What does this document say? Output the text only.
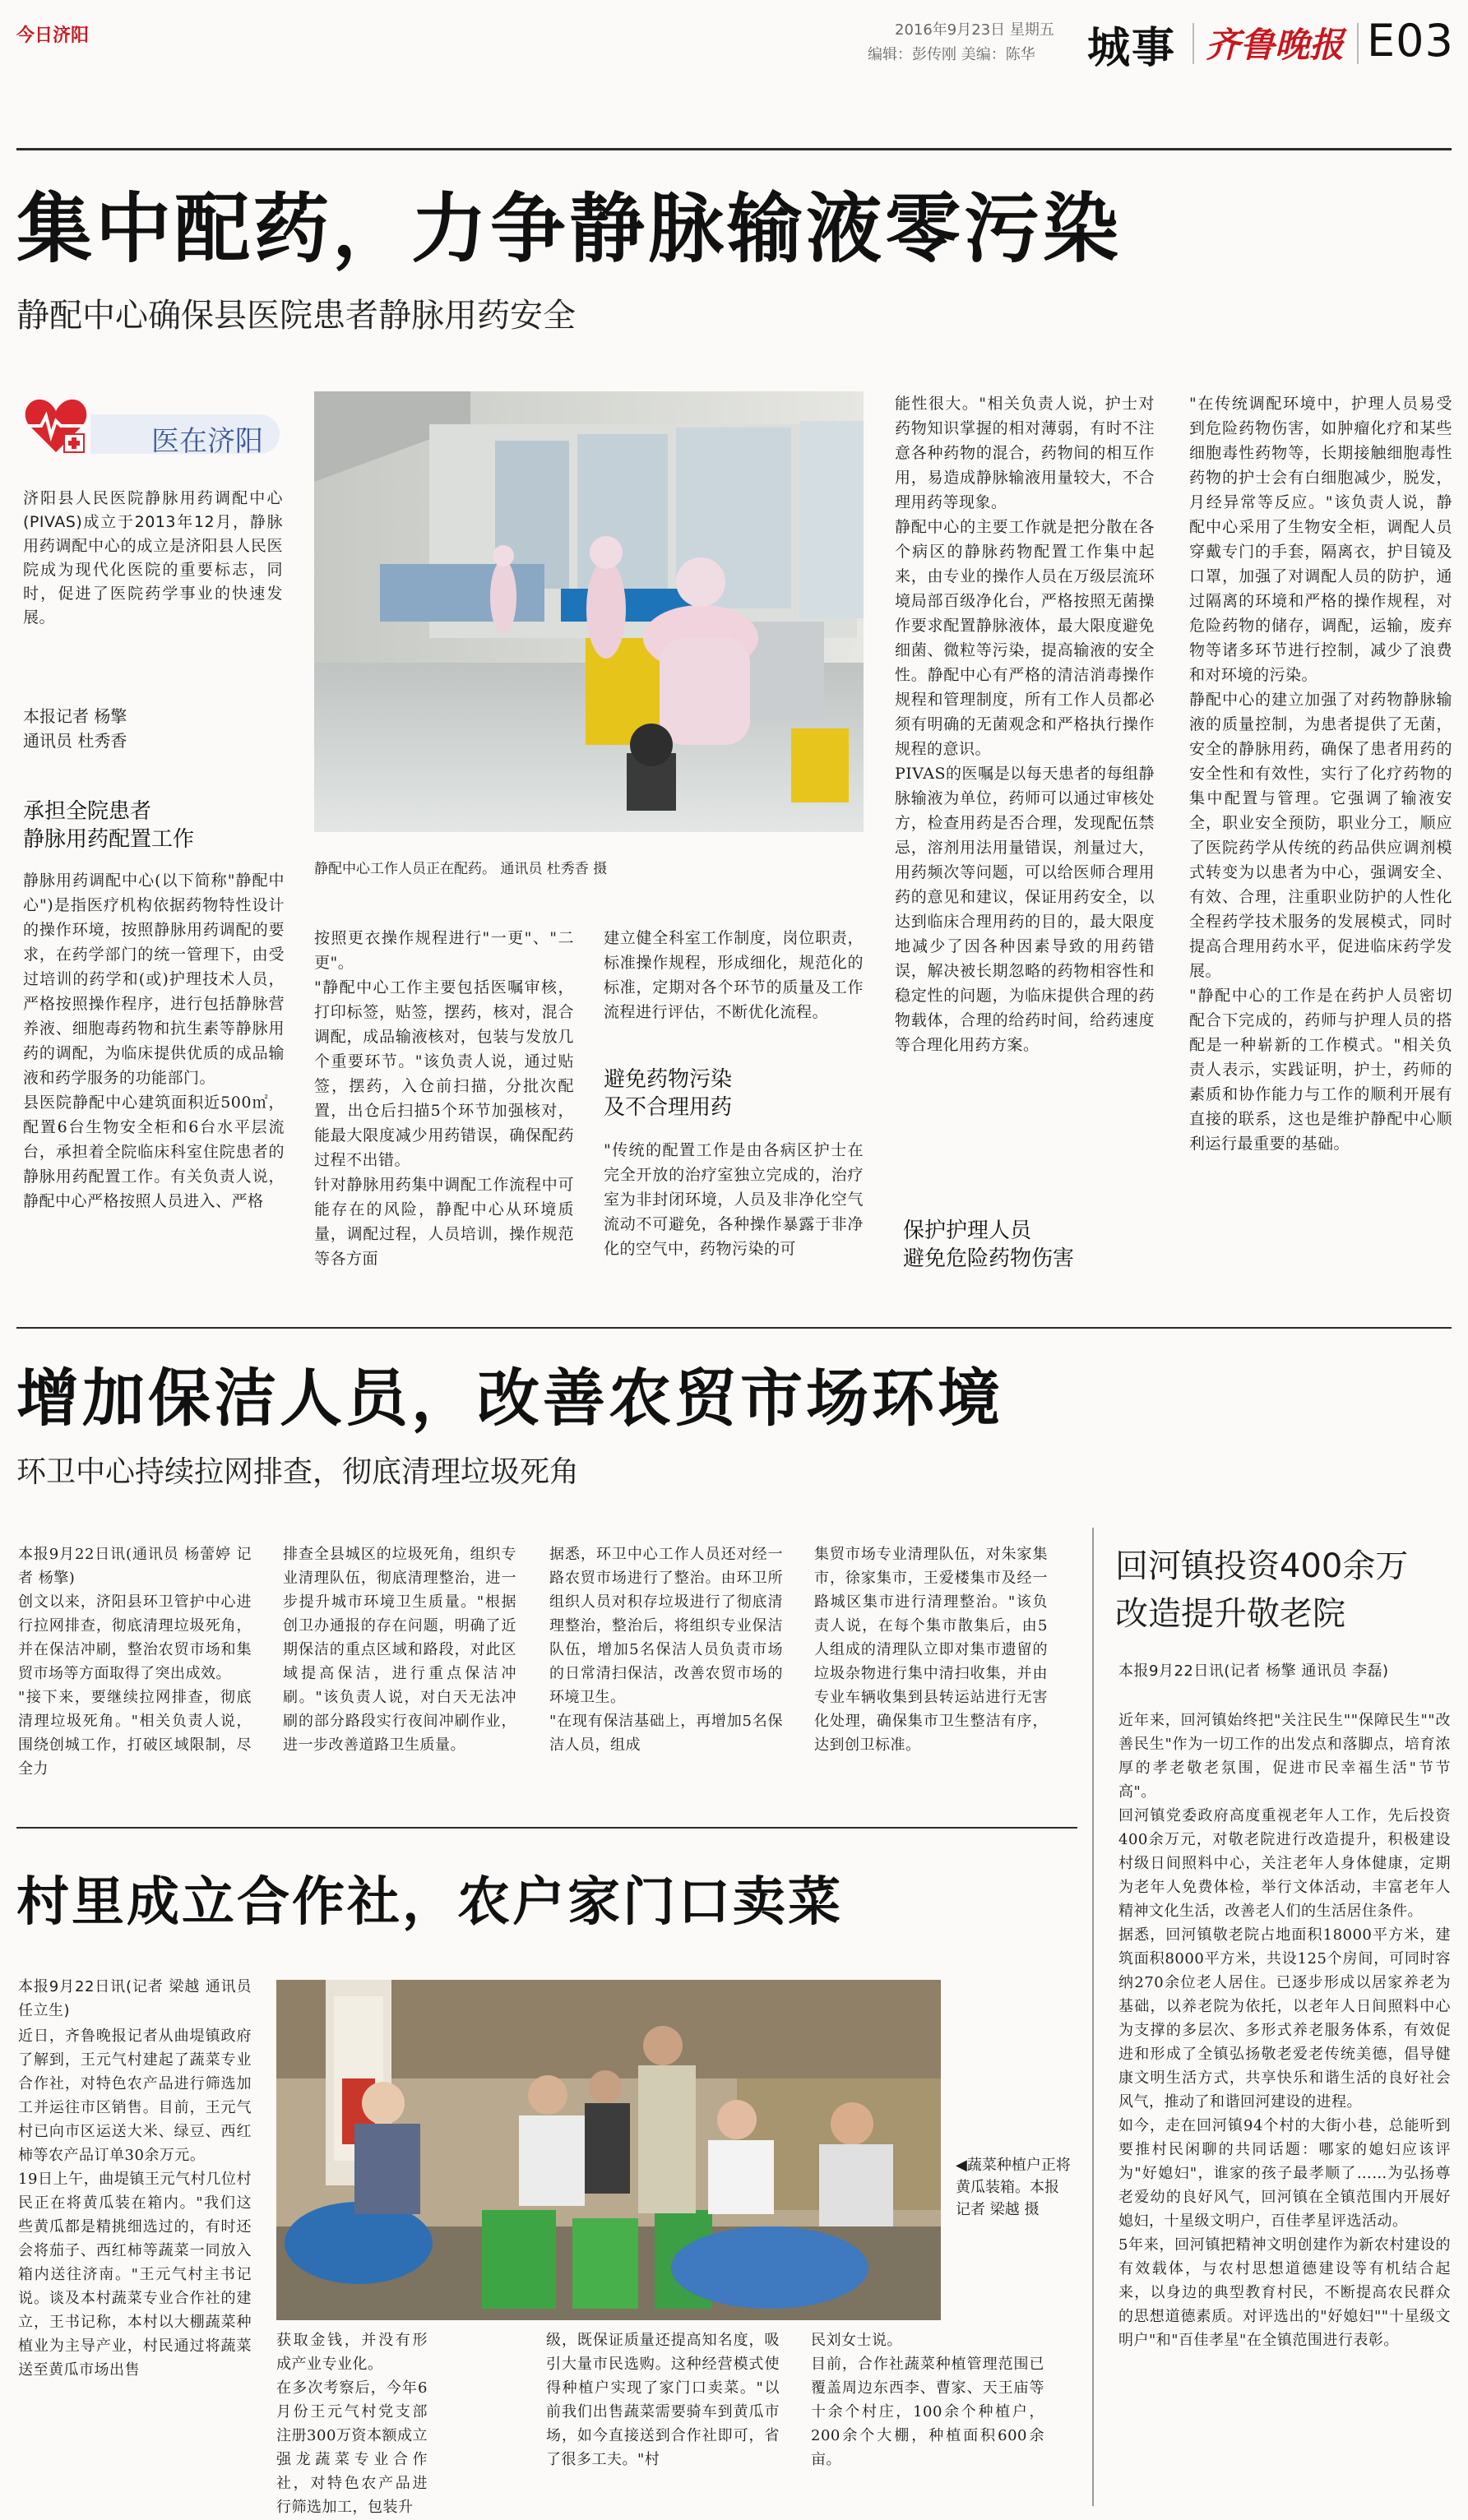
今日济阳	2016年9月23日 星期五
编辑：彭传刚 美编：陈华 城事 齐鲁晚报 E03
集中配药，力争静脉输液零污染
静配中心确保县医院患者静脉用药安全
医在济阳
济阳县人民医院静脉用药调配中心(PIVAS)成立于2013年12月，静脉用药调配中心的成立是济阳县人民医院成为现代化医院的重要标志，同时，促进了医院药学事业的快速发展。
本报记者 杨擎
通讯员 杜秀香
承担全院患者
静脉用药配置工作
静配中心工作人员正在配药。 通讯员 杜秀香 摄
静脉用药调配中心(以下简称"静配中心")是指医疗机构依据药物特性设计的操作环境，按照静脉用药调配的要求，在药学部门的统一管理下，由受过培训的药学和(或)护理技术人员，严格按照操作程序，进行包括静脉营养液、细胞毒药物和抗生素等静脉用药的调配，为临床提供优质的成品输液和药学服务的功能部门。
县医院静配中心建筑面积近500㎡，配置6台生物安全柜和6台水平层流台，承担着全院临床科室住院患者的静脉用药配置工作。有关负责人说，静配中心严格按照人员进入、严格
按照更衣操作规程进行"一更"、"二更"。
"静配中心工作主要包括医嘱审核，打印标签，贴签，摆药，核对，混合调配，成品输液核对，包装与发放几个重要环节。"该负责人说，通过贴签，摆药，入仓前扫描，分批次配置，出仓后扫描5个环节加强核对，能最大限度减少用药错误，确保配药过程不出错。
针对静脉用药集中调配工作流程中可能存在的风险，静配中心从环境质量，调配过程，人员培训，操作规范等各方面
建立健全科室工作制度，岗位职责，标准操作规程，形成细化，规范化的标准，定期对各个环节的质量及工作流程进行评估，不断优化流程。
避免药物污染
及不合理用药
"传统的配置工作是由各病区护士在完全开放的治疗室独立完成的，治疗室为非封闭环境，人员及非净化空气流动不可避免，各种操作暴露于非净化的空气中，药物污染的可
能性很大。"相关负责人说，护士对药物知识掌握的相对薄弱，有时不注意各种药物的混合，药物间的相互作用，易造成静脉输液用量较大，不合理用药等现象。
静配中心的主要工作就是把分散在各个病区的静脉药物配置工作集中起来，由专业的操作人员在万级层流环境局部百级净化台，严格按照无菌操作要求配置静脉液体，最大限度避免细菌、微粒等污染，提高输液的安全性。静配中心有严格的清洁消毒操作规程和管理制度，所有工作人员都必须有明确的无菌观念和严格执行操作规程的意识。
PIVAS的医嘱是以每天患者的每组静脉输液为单位，药师可以通过审核处方，检查用药是否合理，发现配伍禁忌，溶剂用法用量错误，剂量过大，用药频次等问题，可以给医师合理用药的意见和建议，保证用药安全，以达到临床合理用药的目的，最大限度地减少了因各种因素导致的用药错误，解决被长期忽略的药物相容性和稳定性的问题，为临床提供合理的药物载体，合理的给药时间，给药速度等合理化用药方案。
保护护理人员
避免危险药物伤害
"在传统调配环境中，护理人员易受到危险药物伤害，如肿瘤化疗和某些细胞毒性药物等，长期接触细胞毒性药物的护士会有白细胞减少，脱发，月经异常等反应。"该负责人说，静配中心采用了生物安全柜，调配人员穿戴专门的手套，隔离衣，护目镜及口罩，加强了对调配人员的防护，通过隔离的环境和严格的操作规程，对危险药物的储存，调配，运输，废弃物等诸多环节进行控制，减少了浪费和对环境的污染。
静配中心的建立加强了对药物静脉输液的质量控制，为患者提供了无菌，安全的静脉用药，确保了患者用药的安全性和有效性，实行了化疗药物的集中配置与管理。它强调了输液安全，职业安全预防，职业分工，顺应了医院药学从传统的药品供应调剂模式转变为以患者为中心，强调安全、有效、合理，注重职业防护的人性化全程药学技术服务的发展模式，同时提高合理用药水平，促进临床药学发展。
"静配中心的工作是在药护人员密切配合下完成的，药师与护理人员的搭配是一种崭新的工作模式。"相关负责人表示，实践证明，护士，药师的素质和协作能力与工作的顺利开展有直接的联系，这也是维护静配中心顺利运行最重要的基础。
增加保洁人员，改善农贸市场环境
环卫中心持续拉网排查，彻底清理垃圾死角
本报9月22日讯(通讯员 杨蕾婷 记者 杨擎)
创文以来，济阳县环卫管护中心进行拉网排查，彻底清理垃圾死角，并在保洁冲刷，整治农贸市场和集贸市场等方面取得了突出成效。
"接下来，要继续拉网排查，彻底清理垃圾死角。"相关负责人说，围绕创城工作，打破区域限制，尽全力
排查全县城区的垃圾死角，组织专业清理队伍，彻底清理整治，进一步提升城市环境卫生质量。"根据创卫办通报的存在问题，明确了近期保洁的重点区域和路段，对此区域提高保洁，进行重点保洁冲刷。"该负责人说，对白天无法冲刷的部分路段实行夜间冲刷作业，进一步改善道路卫生质量。
据悉，环卫中心工作人员还对经一路农贸市场进行了整治。由环卫所组织人员对积存垃圾进行了彻底清理整治，整治后，将组织专业保洁队伍，增加5名保洁人员负责市场的日常清扫保洁，改善农贸市场的环境卫生。
"在现有保洁基础上，再增加5名保洁人员，组成
集贸市场专业清理队伍，对朱家集市，徐家集市，王爱楼集市及经一路城区集市进行清理整治。"该负责人说，在每个集市散集后，由5人组成的清理队立即对集市遗留的垃圾杂物进行集中清扫收集，并由专业车辆收集到县转运站进行无害化处理，确保集市卫生整洁有序，达到创卫标准。
回河镇投资400余万
改造提升敬老院
本报9月22日讯(记者 杨擎 通讯员 李磊)
近年来，回河镇始终把"关注民生""保障民生""改善民生"作为一切工作的出发点和落脚点，培育浓厚的孝老敬老氛围，促进市民幸福生活"节节高"。
回河镇党委政府高度重视老年人工作，先后投资400余万元，对敬老院进行改造提升，积极建设村级日间照料中心，关注老年人身体健康，定期为老年人免费体检，举行文体活动，丰富老年人精神文化生活，改善老人们的生活居住条件。
据悉，回河镇敬老院占地面积18000平方米，建筑面积8000平方米，共设125个房间，可同时容纳270余位老人居住。已逐步形成以居家养老为基础，以养老院为依托，以老年人日间照料中心为支撑的多层次、多形式养老服务体系，有效促进和形成了全镇弘扬敬老爱老传统美德，倡导健康文明生活方式，共享快乐和谐生活的良好社会风气，推动了和谐回河建设的进程。
如今，走在回河镇94个村的大街小巷，总能听到要推村民闲聊的共同话题：哪家的媳妇应该评为"好媳妇"，谁家的孩子最孝顺了……为弘扬尊老爱幼的良好风气，回河镇在全镇范围内开展好媳妇，十星级文明户，百佳孝星评选活动。
5年来，回河镇把精神文明创建作为新农村建设的有效载体，与农村思想道德建设等有机结合起来，以身边的典型教育村民，不断提高农民群众的思想道德素质。对评选出的"好媳妇""十星级文明户"和"百佳孝星"在全镇范围进行表彰。
村里成立合作社，农户家门口卖菜
本报9月22日讯(记者 梁越 通讯员 任立生)
近日，齐鲁晚报记者从曲堤镇政府了解到，王元气村建起了蔬菜专业合作社，对特色农产品进行筛选加工并运往市区销售。目前，王元气村已向市区运送大米、绿豆、西红柿等农产品订单30余万元。
19日上午，曲堤镇王元气村几位村民正在将黄瓜装在箱内。"我们这些黄瓜都是精挑细选过的，有时还会将茄子、西红柿等蔬菜一同放入箱内送往济南。"王元气村主书记说。谈及本村蔬菜专业合作社的建立，王书记称，本村以大棚蔬菜种植业为主导产业，村民通过将蔬菜送至黄瓜市场出售
◀蔬菜种植户正将黄瓜装箱。本报记者 梁越 摄
获取金钱，并没有形成产业专业化。
在多次考察后，今年6月份王元气村党支部注册300万资本额成立强龙蔬菜专业合作社，对特色农产品进行筛选加工，包装升
级，既保证质量还提高知名度，吸引大量市民选购。这种经营模式使得种植户实现了家门口卖菜。"以前我们出售蔬菜需要骑车到黄瓜市场，如今直接送到合作社即可，省了很多工夫。"村
民刘女士说。
目前，合作社蔬菜种植管理范围已覆盖周边东西李、曹家、天王庙等十余个村庄，100余个种植户，200余个大棚，种植面积600余亩。
